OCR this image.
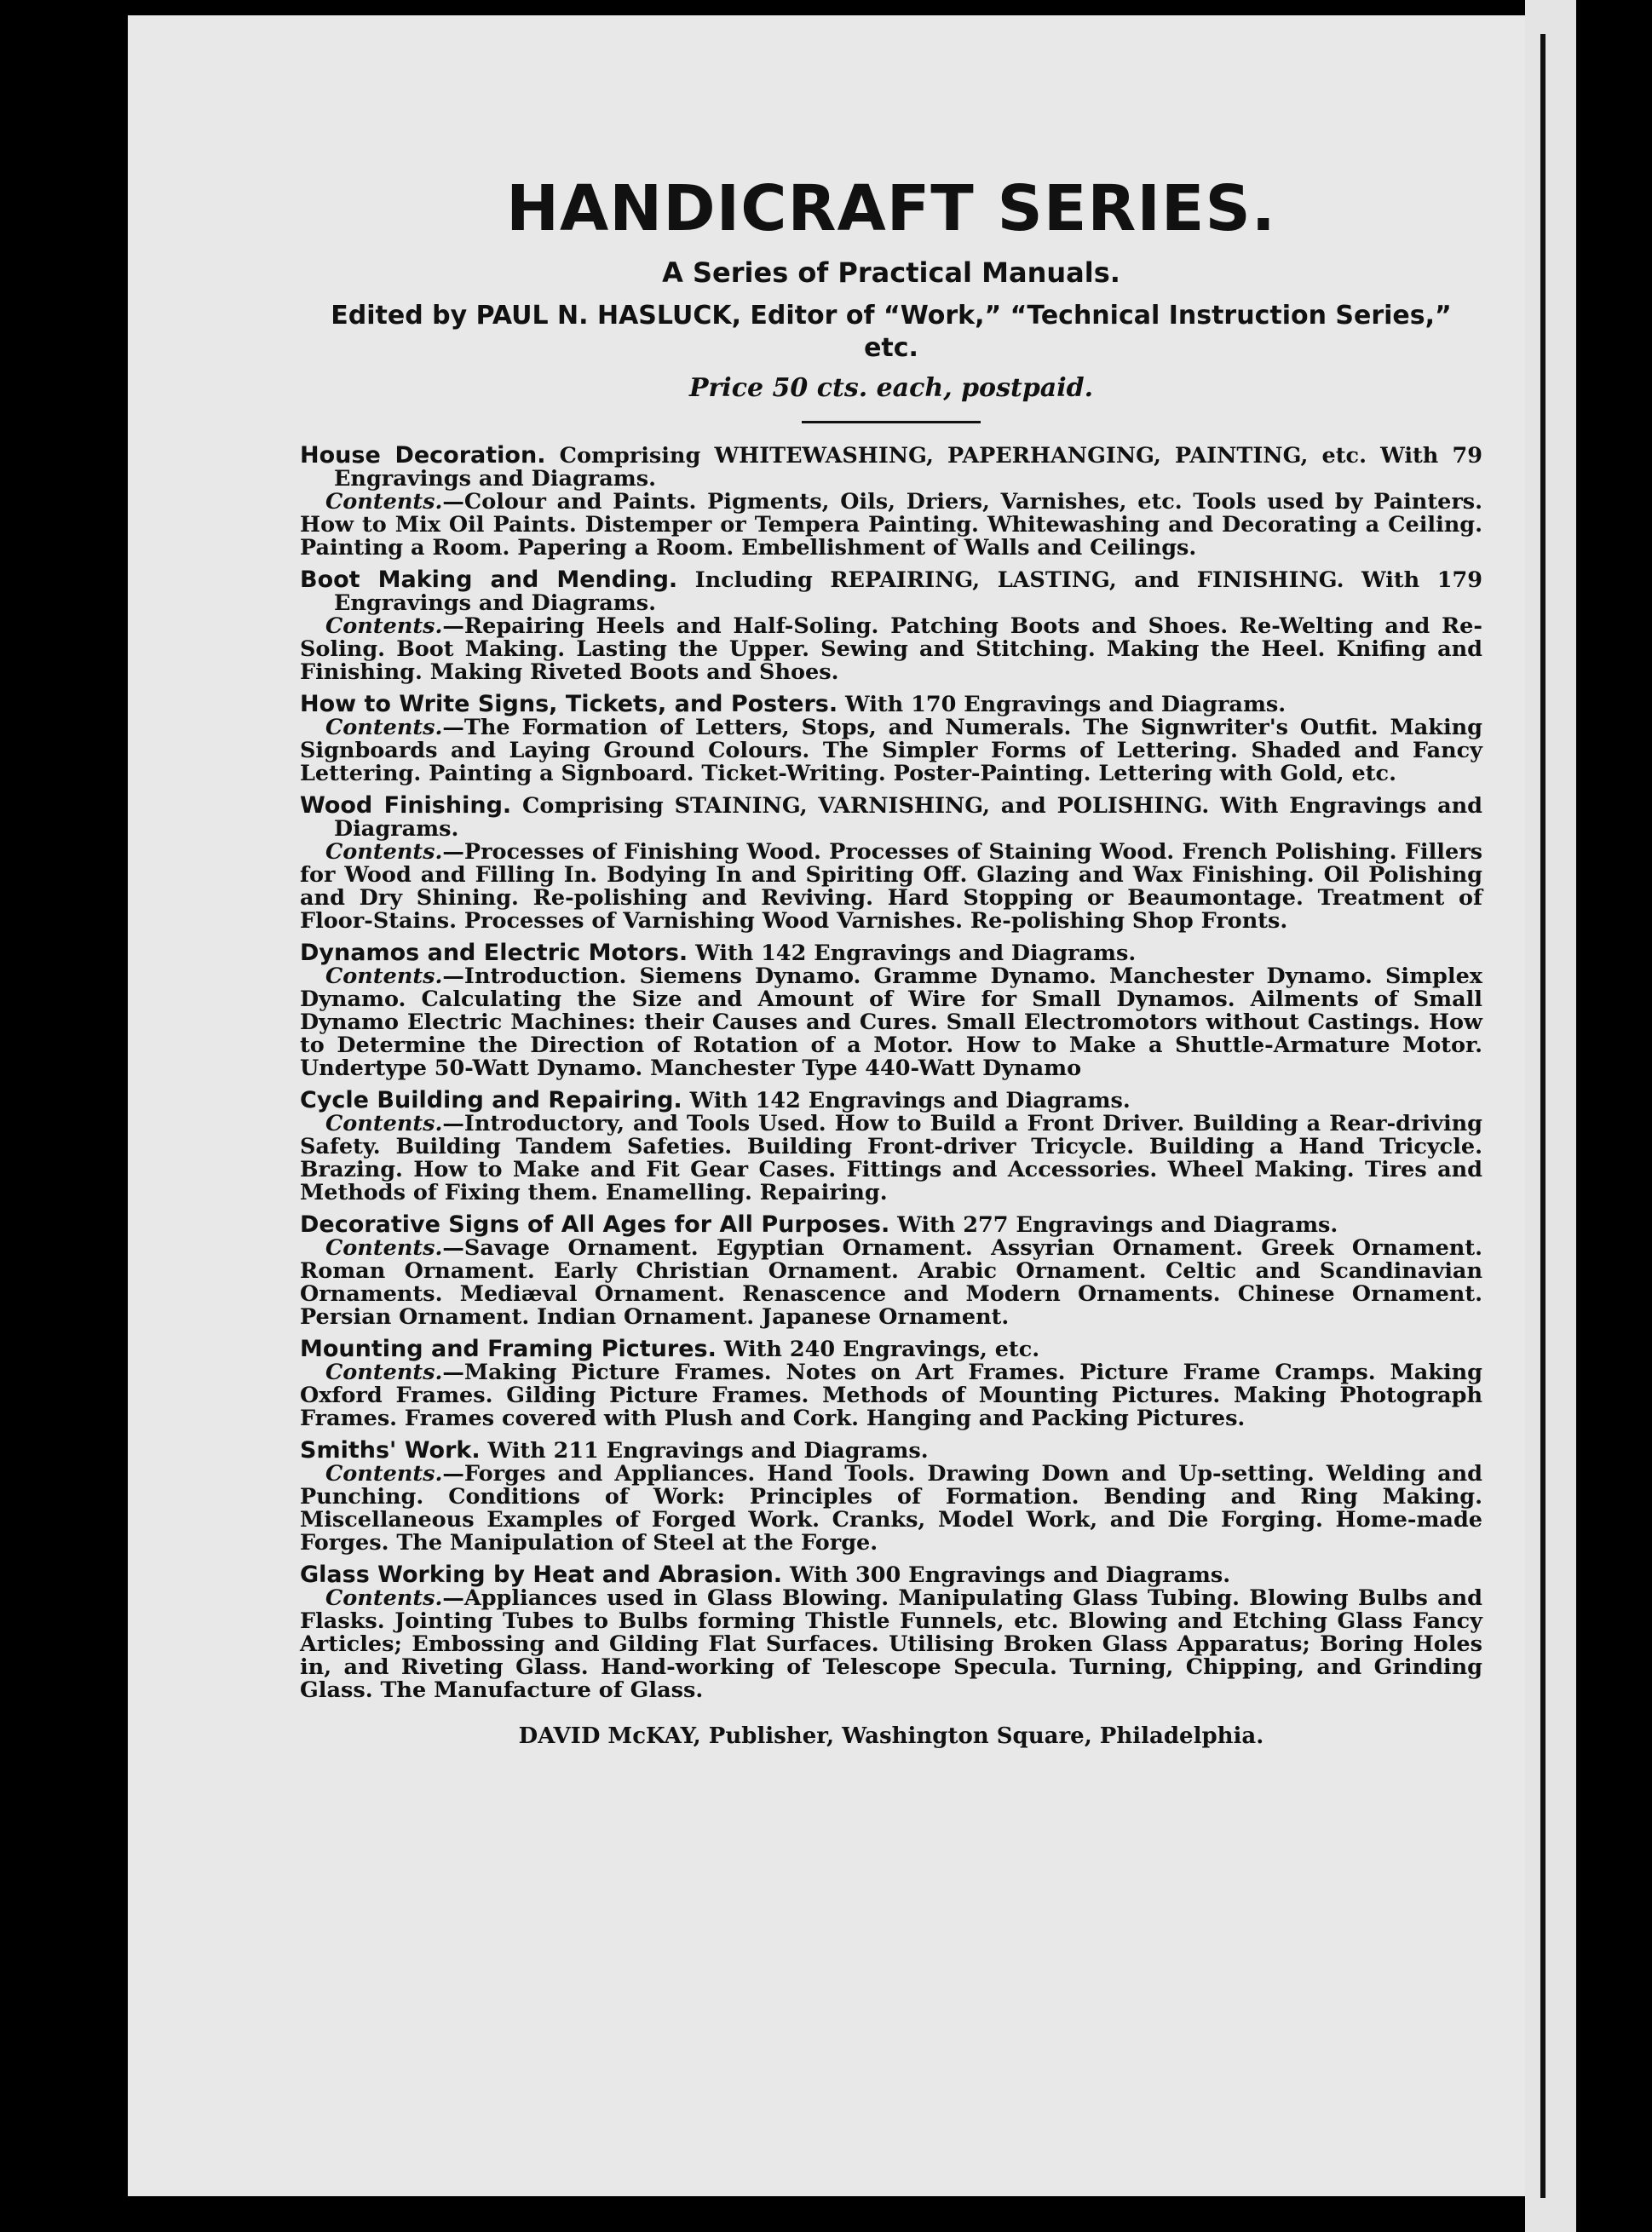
HANDICRAFT SERIES.
A Series of Practical Manuals.
Edited by PAUL N. HASLUCK, Editor of “Work,” “Technical Instruction Series,” etc.
Price 50 cts. each, postpaid.

House Decoration. Comprising WHITEWASHING, PAPERHANGING, PAINTING, etc. With 79 Engravings and Diagrams.

Contents.—Colour and Paints. Pigments, Oils, Driers, Varnishes, etc. Tools used by Painters. How to Mix Oil Paints. Distemper or Tempera Painting. Whitewashing and Decorating a Ceiling. Painting a Room. Papering a Room. Embellishment of Walls and Ceilings.

Boot Making and Mending. Including REPAIRING, LASTING, and FINISHING. With 179 Engravings and Diagrams.

Contents.—Repairing Heels and Half-Soling. Patching Boots and Shoes. Re-Welting and Re-Soling. Boot Making. Lasting the Upper. Sewing and Stitching. Making the Heel. Knifing and Finishing. Making Riveted Boots and Shoes.

How to Write Signs, Tickets, and Posters. With 170 Engravings and Diagrams.

Contents.—The Formation of Letters, Stops, and Numerals. The Signwriter's Outfit. Making Signboards and Laying Ground Colours. The Simpler Forms of Lettering. Shaded and Fancy Lettering. Painting a Signboard. Ticket-Writing. Poster-Painting. Lettering with Gold, etc.

Wood Finishing. Comprising STAINING, VARNISHING, and POLISHING. With Engravings and Diagrams.

Contents.—Processes of Finishing Wood. Processes of Staining Wood. French Polishing. Fillers for Wood and Filling In. Bodying In and Spiriting Off. Glazing and Wax Finishing. Oil Polishing and Dry Shining. Re-polishing and Reviving. Hard Stopping or Beaumontage. Treatment of Floor-Stains. Processes of Varnishing Wood Varnishes. Re-polishing Shop Fronts.

Dynamos and Electric Motors. With 142 Engravings and Diagrams.

Contents.—Introduction. Siemens Dynamo. Gramme Dynamo. Manchester Dynamo. Simplex Dynamo. Calculating the Size and Amount of Wire for Small Dynamos. Ailments of Small Dynamo Electric Machines: their Causes and Cures. Small Electromotors without Castings. How to Determine the Direction of Rotation of a Motor. How to Make a Shuttle-Armature Motor. Undertype 50-Watt Dynamo. Manchester Type 440-Watt Dynamo

Cycle Building and Repairing. With 142 Engravings and Diagrams.

Contents.—Introductory, and Tools Used. How to Build a Front Driver. Building a Rear-driving Safety. Building Tandem Safeties. Building Front-driver Tricycle. Building a Hand Tricycle. Brazing. How to Make and Fit Gear Cases. Fittings and Accessories. Wheel Making. Tires and Methods of Fixing them. Enamelling. Repairing.

Decorative Signs of All Ages for All Purposes. With 277 Engravings and Diagrams.

Contents.—Savage Ornament. Egyptian Ornament. Assyrian Ornament. Greek Ornament. Roman Ornament. Early Christian Ornament. Arabic Ornament. Celtic and Scandinavian Ornaments. Mediæval Ornament. Renascence and Modern Ornaments. Chinese Ornament. Persian Ornament. Indian Ornament. Japanese Ornament.

Mounting and Framing Pictures. With 240 Engravings, etc.

Contents.—Making Picture Frames. Notes on Art Frames. Picture Frame Cramps. Making Oxford Frames. Gilding Picture Frames. Methods of Mounting Pictures. Making Photograph Frames. Frames covered with Plush and Cork. Hanging and Packing Pictures.

Smiths' Work. With 211 Engravings and Diagrams.

Contents.—Forges and Appliances. Hand Tools. Drawing Down and Up-setting. Welding and Punching. Conditions of Work: Principles of Formation. Bending and Ring Making. Miscellaneous Examples of Forged Work. Cranks, Model Work, and Die Forging. Home-made Forges. The Manipulation of Steel at the Forge.

Glass Working by Heat and Abrasion. With 300 Engravings and Diagrams.

Contents.—Appliances used in Glass Blowing. Manipulating Glass Tubing. Blowing Bulbs and Flasks. Jointing Tubes to Bulbs forming Thistle Funnels, etc. Blowing and Etching Glass Fancy Articles; Embossing and Gilding Flat Surfaces. Utilising Broken Glass Apparatus; Boring Holes in, and Riveting Glass. Hand-working of Telescope Specula. Turning, Chipping, and Grinding Glass. The Manufacture of Glass.

DAVID McKAY, Publisher, Washington Square, Philadelphia.
